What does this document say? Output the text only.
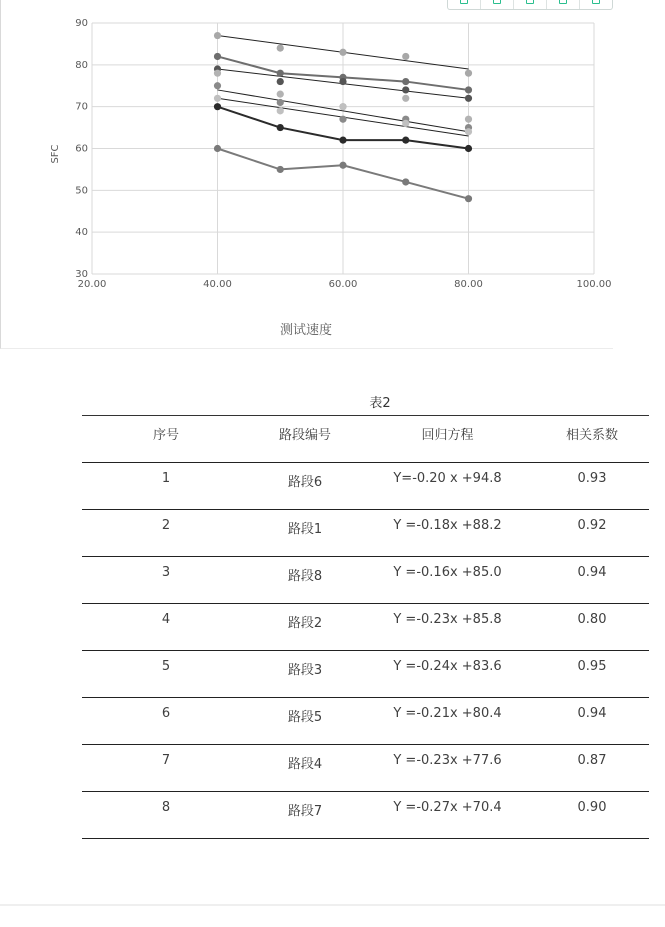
30
40
50
60
70
80
90
20.00	40.00	60.00	80.00	100.00
SFC
测试速度
表2
序号	路段编号	回归方程	相关系数
1	路段6	Y=-0.20 x +94.8	0.93
2	路段1	Y =-0.18x +88.2	0.92
3	路段8	Y =-0.16x +85.0	0.94
4	路段2	Y =-0.23x +85.8	0.80
5	路段3	Y =-0.24x +83.6	0.95
6	路段5	Y =-0.21x +80.4	0.94
7	路段4	Y =-0.23x +77.6	0.87
8	路段7	Y =-0.27x +70.4	0.90
